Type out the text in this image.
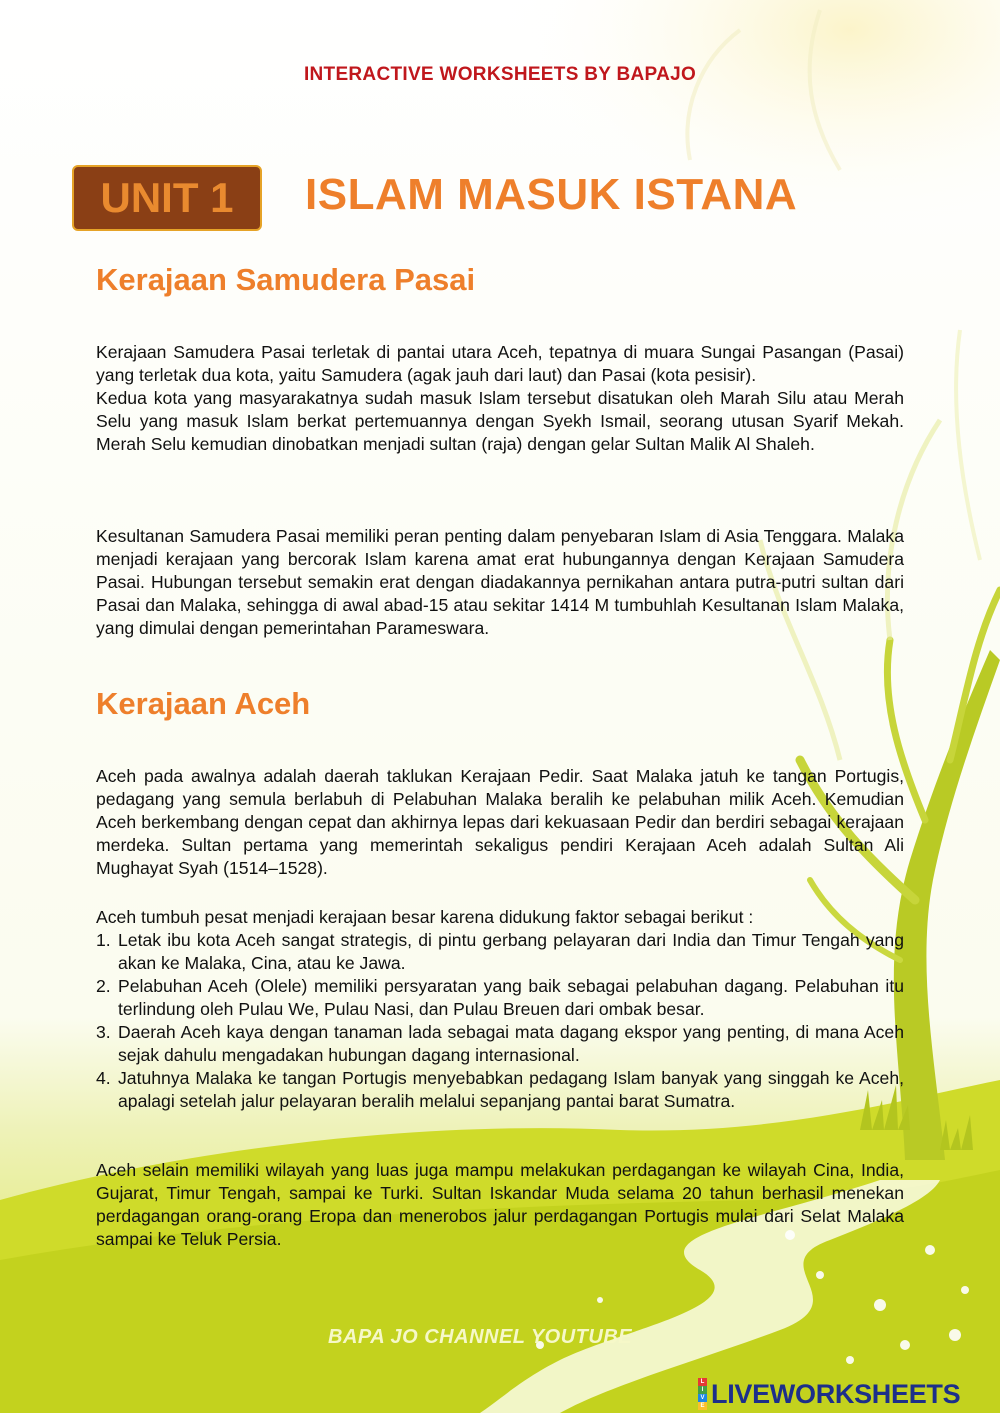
INTERACTIVE WORKSHEETS BY BAPAJO
UNIT 1	ISLAM MASUK ISTANA
Kerajaan Samudera Pasai

Kerajaan Samudera Pasai terletak di pantai utara Aceh, tepatnya di muara Sungai Pasangan (Pasai) yang terletak dua kota, yaitu Samudera (agak jauh dari laut) dan Pasai (kota pesisir).

Kedua kota yang masyarakatnya sudah masuk Islam tersebut disatukan oleh Marah Silu atau Merah Selu yang masuk Islam berkat pertemuannya dengan Syekh Ismail, seorang utusan Syarif Mekah. Merah Selu kemudian dinobatkan menjadi sultan (raja) dengan gelar Sultan Malik Al Shaleh.

Kesultanan Samudera Pasai memiliki peran penting dalam penyebaran Islam di Asia Tenggara. Malaka menjadi kerajaan yang bercorak Islam karena amat erat hubungannya dengan Kerajaan Samudera Pasai. Hubungan tersebut semakin erat dengan diadakannya pernikahan antara putra-putri sultan dari Pasai dan Malaka, sehingga di awal abad-15 atau sekitar 1414 M tumbuhlah Kesultanan Islam Malaka, yang dimulai dengan pemerintahan Parameswara.

Kerajaan Aceh

Aceh pada awalnya adalah daerah taklukan Kerajaan Pedir. Saat Malaka jatuh ke tangan Portugis, pedagang yang semula berlabuh di Pelabuhan Malaka beralih ke pelabuhan milik Aceh. Kemudian Aceh berkembang dengan cepat dan akhirnya lepas dari kekuasaan Pedir dan berdiri sebagai kerajaan merdeka. Sultan pertama yang memerintah sekaligus pendiri Kerajaan Aceh adalah Sultan Ali Mughayat Syah (1514–1528).

Aceh tumbuh pesat menjadi kerajaan besar karena didukung faktor sebagai berikut :

1. Letak ibu kota Aceh sangat strategis, di pintu gerbang pelayaran dari India dan Timur Tengah yang akan ke Malaka, Cina, atau ke Jawa.
2. Pelabuhan Aceh (Olele) memiliki persyaratan yang baik sebagai pelabuhan dagang. Pelabuhan itu terlindung oleh Pulau We, Pulau Nasi, dan Pulau Breuen dari ombak besar.
3. Daerah Aceh kaya dengan tanaman lada sebagai mata dagang ekspor yang penting, di mana Aceh sejak dahulu mengadakan hubungan dagang internasional.
4. Jatuhnya Malaka ke tangan Portugis menyebabkan pedagang Islam banyak yang singgah ke Aceh, apalagi setelah jalur pelayaran beralih melalui sepanjang pantai barat Sumatra.

Aceh selain memiliki wilayah yang luas juga mampu melakukan perdagangan ke wilayah Cina, India, Gujarat, Timur Tengah, sampai ke Turki. Sultan Iskandar Muda selama 20 tahun berhasil menekan perdagangan orang-orang Eropa dan menerobos jalur perdagangan Portugis mulai dari Selat Malaka sampai ke Teluk Persia.

BAPA JO CHANNEL YOUTUBE
L
I
V
E LIVEWORKSHEETS
